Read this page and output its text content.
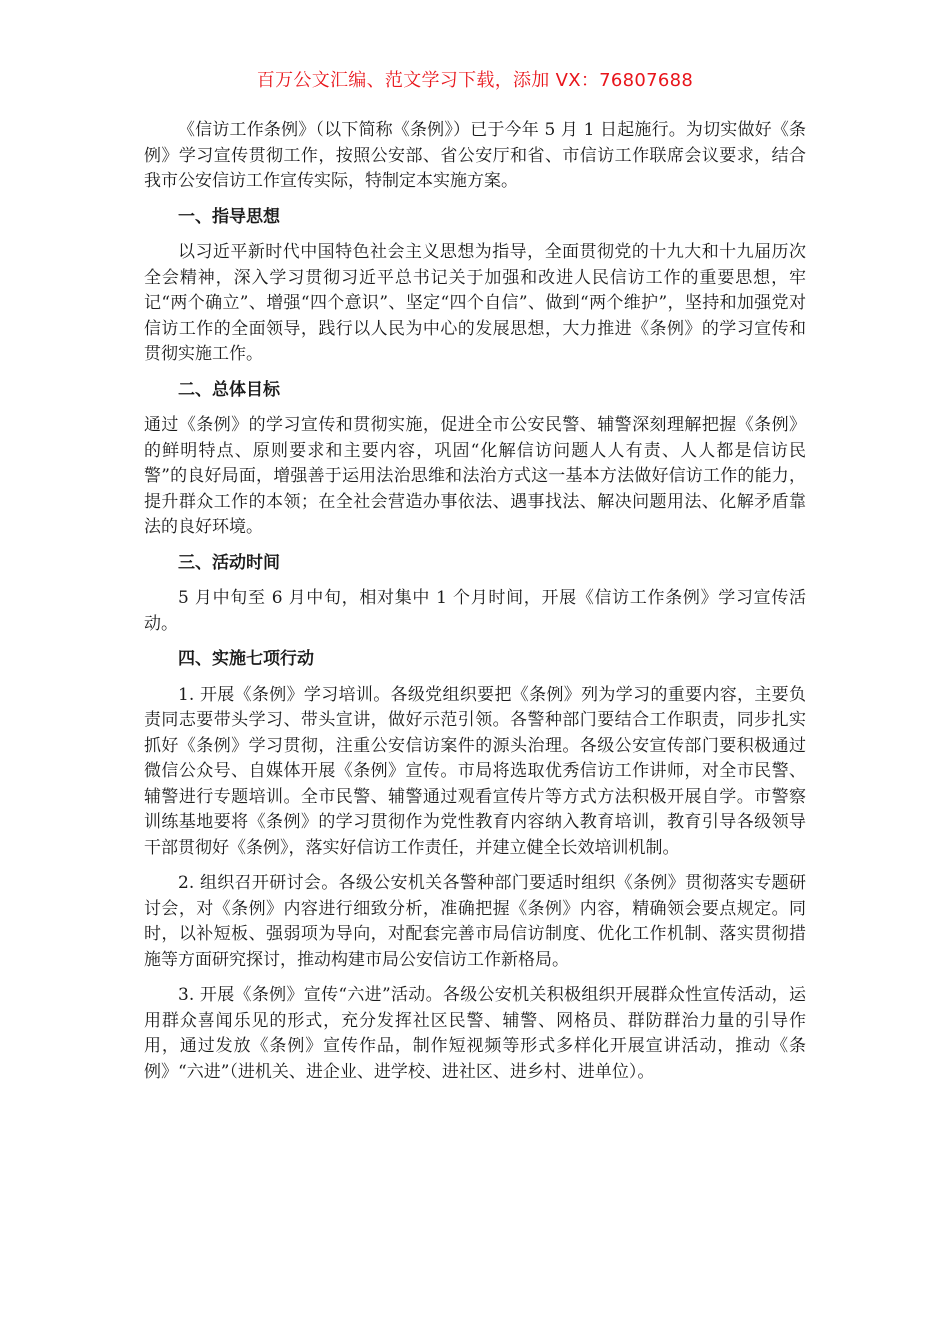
百万公文汇编、范文学习下载，添加 VX：76807688

《信访工作条例》（以下简称《条例》）已于今年 5 月 1 日起施行。为切实做好《条例》学习宣传贯彻工作，按照公安部、省公安厅和省、市信访工作联席会议要求，结合我市公安信访工作宣传实际，特制定本实施方案。

一、指导思想

以习近平新时代中国特色社会主义思想为指导，全面贯彻党的十九大和十九届历次全会精神，深入学习贯彻习近平总书记关于加强和改进人民信访工作的重要思想，牢记“两个确立”、增强“四个意识”、坚定“四个自信”、做到“两个维护”，坚持和加强党对信访工作的全面领导，践行以人民为中心的发展思想，大力推进《条例》的学习宣传和贯彻实施工作。

二、总体目标

通过《条例》的学习宣传和贯彻实施，促进全市公安民警、辅警深刻理解把握《条例》的鲜明特点、原则要求和主要内容，巩固“化解信访问题人人有责、人人都是信访民警”的良好局面，增强善于运用法治思维和法治方式这一基本方法做好信访工作的能力，提升群众工作的本领；在全社会营造办事依法、遇事找法、解决问题用法、化解矛盾靠法的良好环境。

三、活动时间

5 月中旬至 6 月中旬，相对集中 1 个月时间，开展《信访工作条例》学习宣传活动。

四、实施七项行动

1. 开展《条例》学习培训。各级党组织要把《条例》列为学习的重要内容，主要负责同志要带头学习、带头宣讲，做好示范引领。各警种部门要结合工作职责，同步扎实抓好《条例》学习贯彻，注重公安信访案件的源头治理。各级公安宣传部门要积极通过微信公众号、自媒体开展《条例》宣传。市局将选取优秀信访工作讲师，对全市民警、辅警进行专题培训。全市民警、辅警通过观看宣传片等方式方法积极开展自学。市警察训练基地要将《条例》的学习贯彻作为党性教育内容纳入教育培训，教育引导各级领导干部贯彻好《条例》，落实好信访工作责任，并建立健全长效培训机制。

2. 组织召开研讨会。各级公安机关各警种部门要适时组织《条例》贯彻落实专题研讨会，对《条例》内容进行细致分析，准确把握《条例》内容，精确领会要点规定。同时，以补短板、强弱项为导向，对配套完善市局信访制度、优化工作机制、落实贯彻措施等方面研究探讨，推动构建市局公安信访工作新格局。

3. 开展《条例》宣传“六进”活动。各级公安机关积极组织开展群众性宣传活动，运用群众喜闻乐见的形式，充分发挥社区民警、辅警、网格员、群防群治力量的引导作用，通过发放《条例》宣传作品，制作短视频等形式多样化开展宣讲活动，推动《条例》“六进”（进机关、进企业、进学校、进社区、进乡村、进单位）。
